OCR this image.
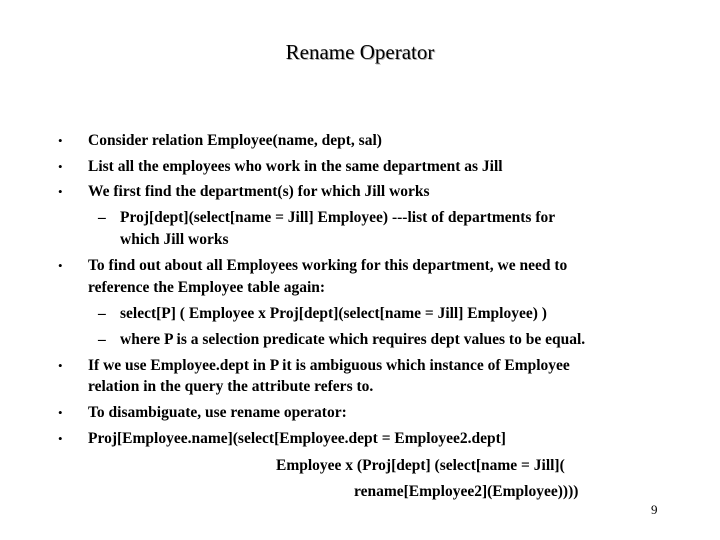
Rename Operator
• Consider relation Employee(name, dept, sal)
• List all the employees who work in the same department as Jill
• We first find the department(s) for which Jill works
– Proj[dept](select[name = Jill] Employee) ---list of departments for
which Jill works
• To find out about all Employees working for this department, we need to
reference the Employee table again:
– select[P] ( Employee x Proj[dept](select[name = Jill] Employee) )
– where P is a selection predicate which requires dept values to be equal.
• If we use Employee.dept in P it is ambiguous which instance of Employee
relation in the query the attribute refers to.
• To disambiguate, use rename operator:
• Proj[Employee.name](select[Employee.dept = Employee2.dept]
Employee x (Proj[dept] (select[name = Jill](
rename[Employee2](Employee))))
9
